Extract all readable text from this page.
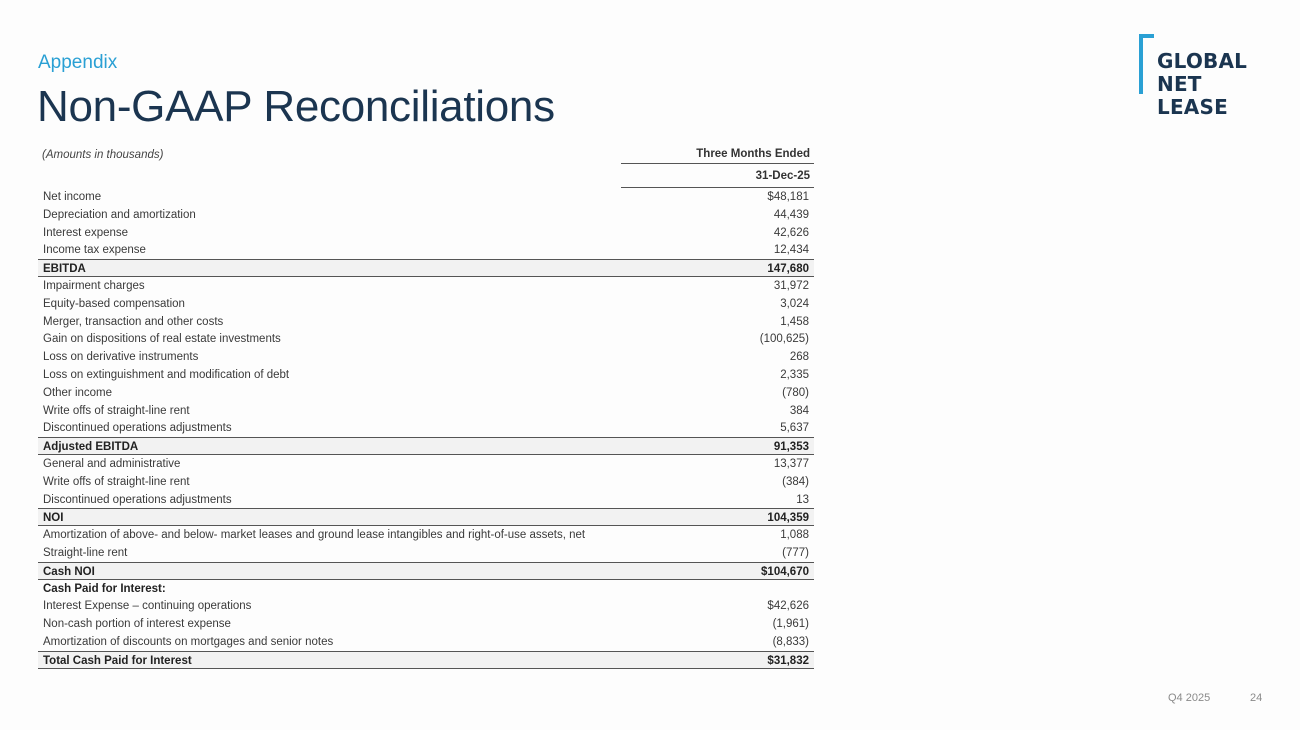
Appendix
Non-GAAP Reconciliations
GLOBAL
NET
LEASE
(Amounts in thousands)	Three Months Ended
31-Dec-25
Net income	$48,181
Depreciation and amortization	44,439
Interest expense	42,626
Income tax expense	12,434
EBITDA	147,680
Impairment charges	31,972
Equity-based compensation	3,024
Merger, transaction and other costs	1,458
Gain on dispositions of real estate investments	(100,625)
Loss on derivative instruments	268
Loss on extinguishment and modification of debt	2,335
Other income	(780)
Write offs of straight-line rent	384
Discontinued operations adjustments	5,637
Adjusted EBITDA	91,353
General and administrative	13,377
Write offs of straight-line rent	(384)
Discontinued operations adjustments	13
NOI	104,359
Amortization of above- and below- market leases and ground lease intangibles and right-of-use assets, net	1,088
Straight-line rent	(777)
Cash NOI	$104,670
Cash Paid for Interest:
Interest Expense – continuing operations	$42,626
Non-cash portion of interest expense	(1,961)
Amortization of discounts on mortgages and senior notes	(8,833)
Total Cash Paid for Interest	$31,832
Q4 2025	24
